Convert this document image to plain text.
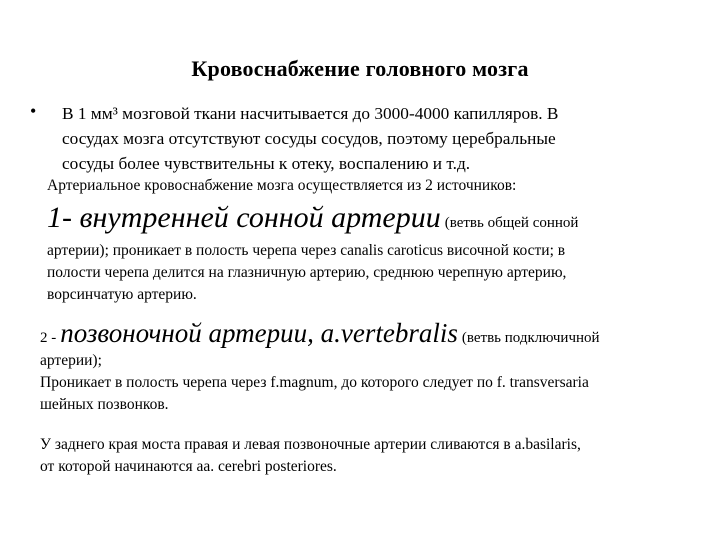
Кровоснабжение головного мозга
• В 1 мм³ мозговой ткани насчитывается до 3000-4000 капилляров. В

сосудах мозга отсутствуют сосуды сосудов, поэтому церебральные

сосуды более чувствительны к отеку, воспалению и т.д.

Артериальное кровоснабжение мозга осуществляется из 2 источников:
1- внутренней сонной артерии (ветвь общей сонной

артерии); проникает в полость черепа через canalis caroticus височной кости; в

полости черепа делится на глазничную артерию, среднюю черепную артерию,

ворсинчатую артерию.

2 - позвоночной артерии, a.vertebralis (ветвь подключичной

артерии);

Проникает в полость черепа через f.magnum, до которого следует по f. transversaria

шейных позвонков.

У заднего края моста правая и левая позвоночные артерии сливаются в a.basilaris,

от которой начинаются aa. cerebri posteriores.
